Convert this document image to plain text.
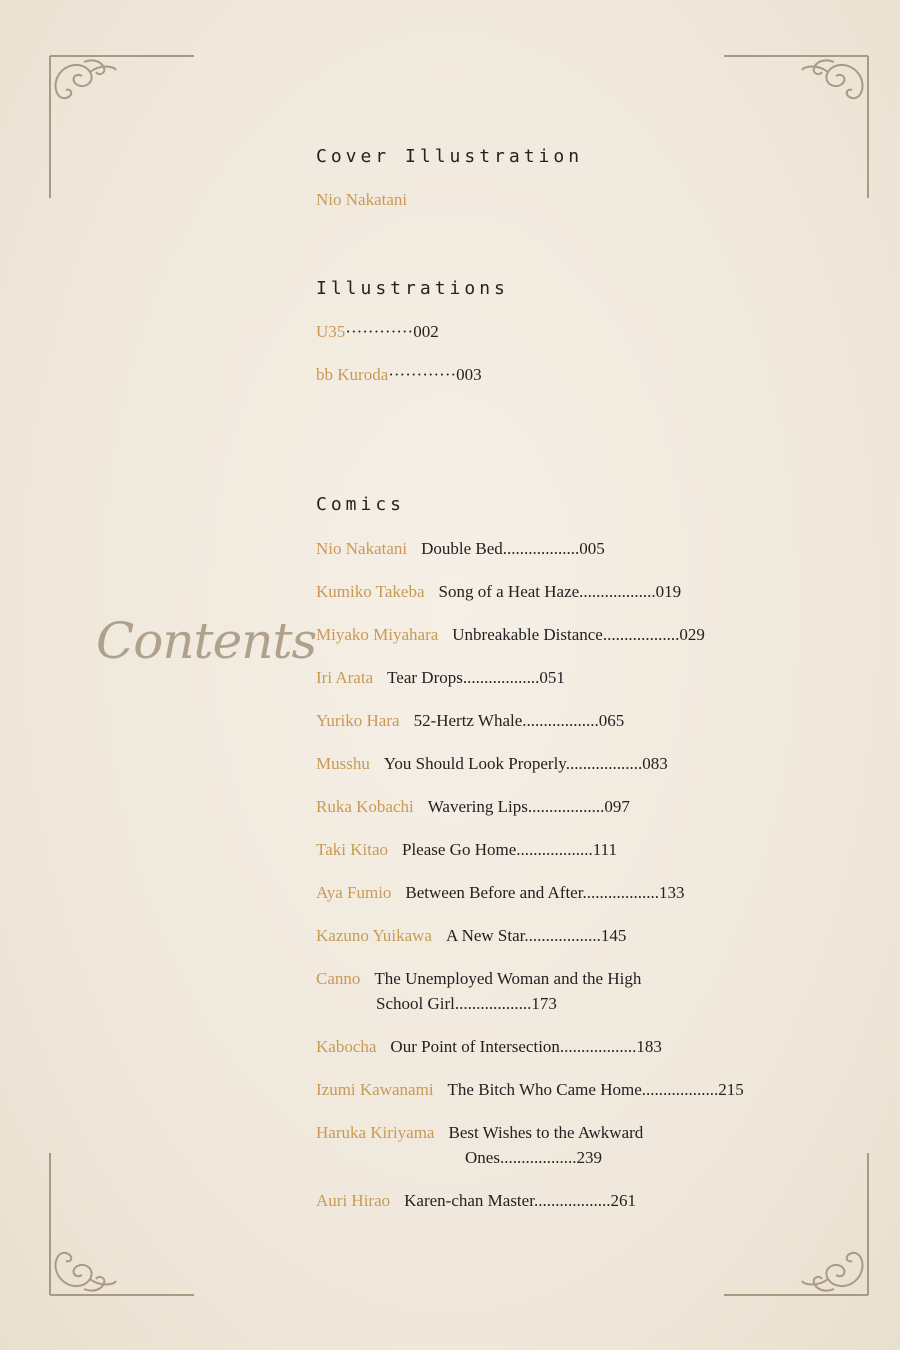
Contents
Cover Illustration
Nio Nakatani
Illustrations
U35············002
bb Kuroda············003
Comics
Nio Nakatani Double Bed..................005
Kumiko Takeba Song of a Heat Haze..................019
Miyako Miyahara Unbreakable Distance..................029
Iri Arata Tear Drops..................051
Yuriko Hara 52-Hertz Whale..................065
Musshu You Should Look Properly..................083
Ruka Kobachi Wavering Lips..................097
Taki Kitao Please Go Home..................111
Aya Fumio Between Before and After..................133
Kazuno Yuikawa A New Star..................145
Canno The Unemployed Woman and the High
School Girl..................173
Kabocha Our Point of Intersection..................183
Izumi Kawanami The Bitch Who Came Home..................215
Haruka Kiriyama Best Wishes to the Awkward
Ones..................239
Auri Hirao Karen-chan Master..................261
